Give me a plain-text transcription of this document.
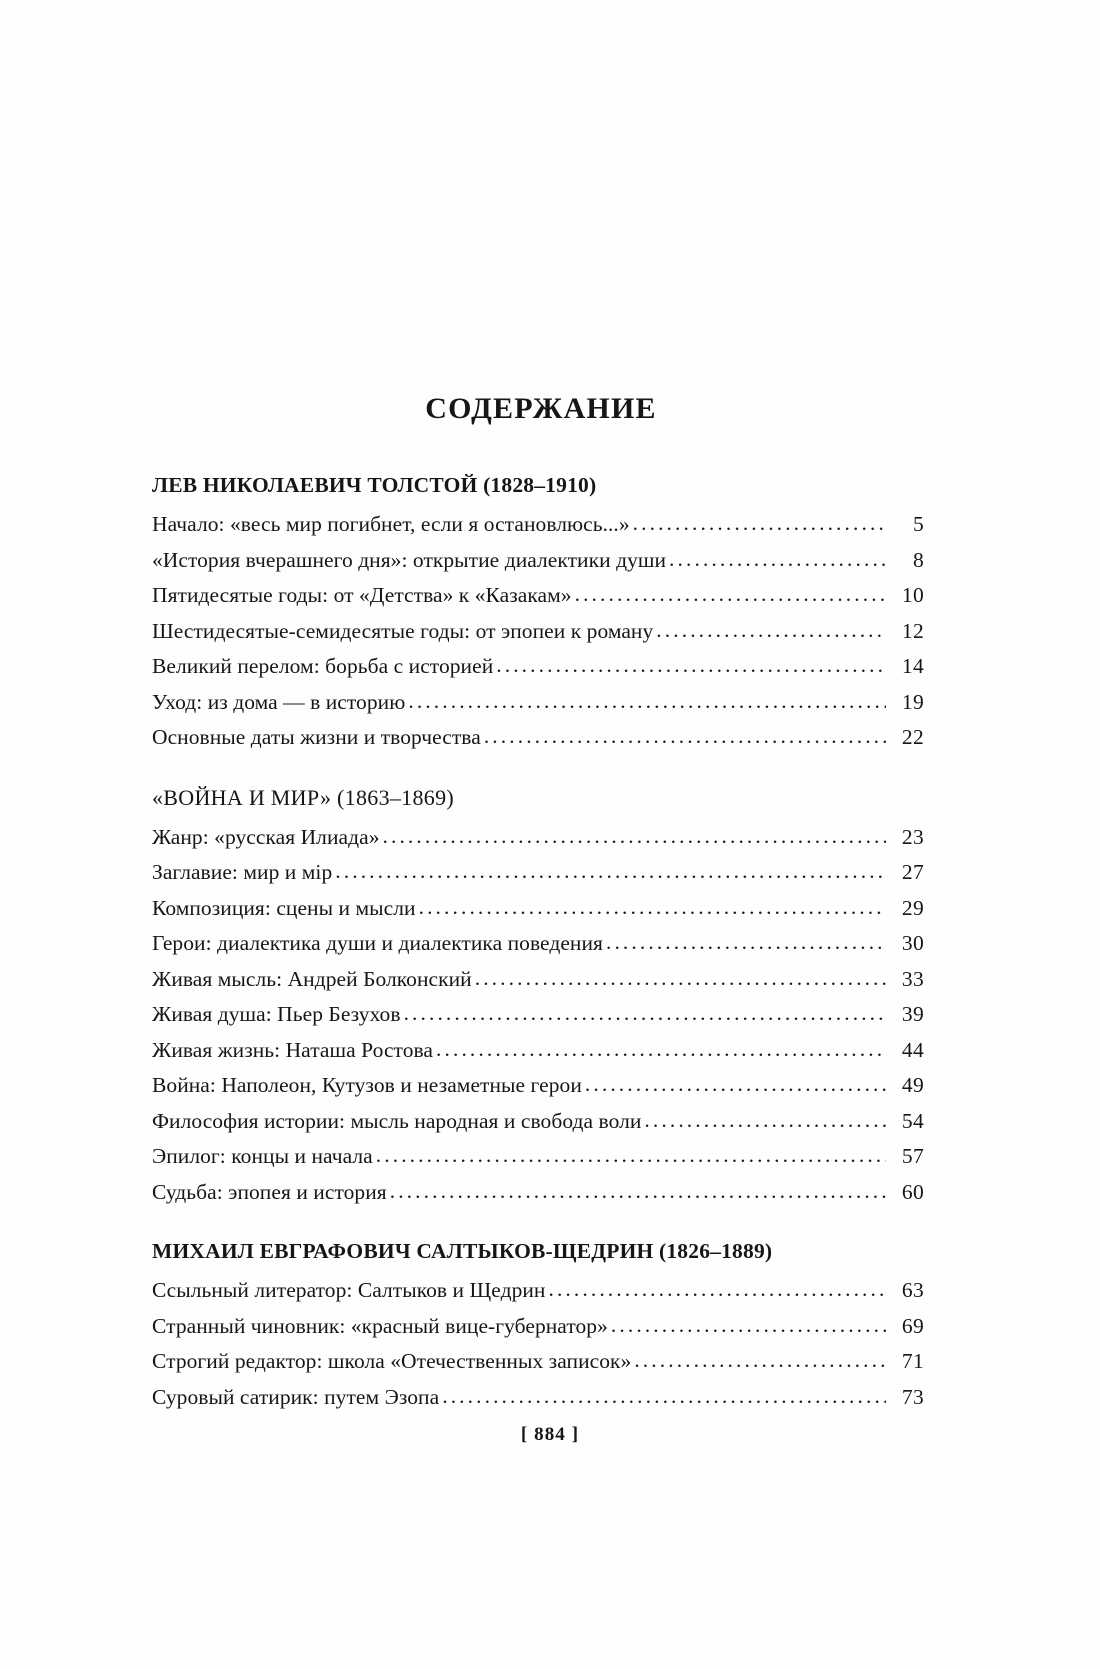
СОДЕРЖАНИЕ
ЛЕВ НИКОЛАЕВИЧ ТОЛСТОЙ (1828–1910)
Начало: «весь мир погибнет, если я остановлюсь...» .....	5
«История вчерашнего дня»: открытие диалектики души .....	8
Пятидесятые годы: от «Детства» к «Казакам» .....	10
Шестидесятые-семидесятые годы: от эпопеи к роману .....	12
Великий перелом: борьба с историей .....	14
Уход: из дома — в историю .....	19
Основные даты жизни и творчества .....	22
«ВОЙНА И МИР» (1863–1869)
Жанр: «русская Илиада» .....	23
Заглавие: мир и мiр .....	27
Композиция: сцены и мысли .....	29
Герои: диалектика души и диалектика поведения .....	30
Живая мысль: Андрей Болконский .....	33
Живая душа: Пьер Безухов .....	39
Живая жизнь: Наташа Ростова .....	44
Война: Наполеон, Кутузов и незаметные герои .....	49
Философия истории: мысль народная и свобода воли .....	54
Эпилог: концы и начала .....	57
Судьба: эпопея и история .....	60
МИХАИЛ ЕВГРАФОВИЧ САЛТЫКОВ-ЩЕДРИН (1826–1889)
Ссыльный литератор: Салтыков и Щедрин .....	63
Странный чиновник: «красный вице-губернатор» .....	69
Строгий редактор: школа «Отечественных записок» .....	71
Суровый сатирик: путем Эзопа .....	73
[ 884 ]
